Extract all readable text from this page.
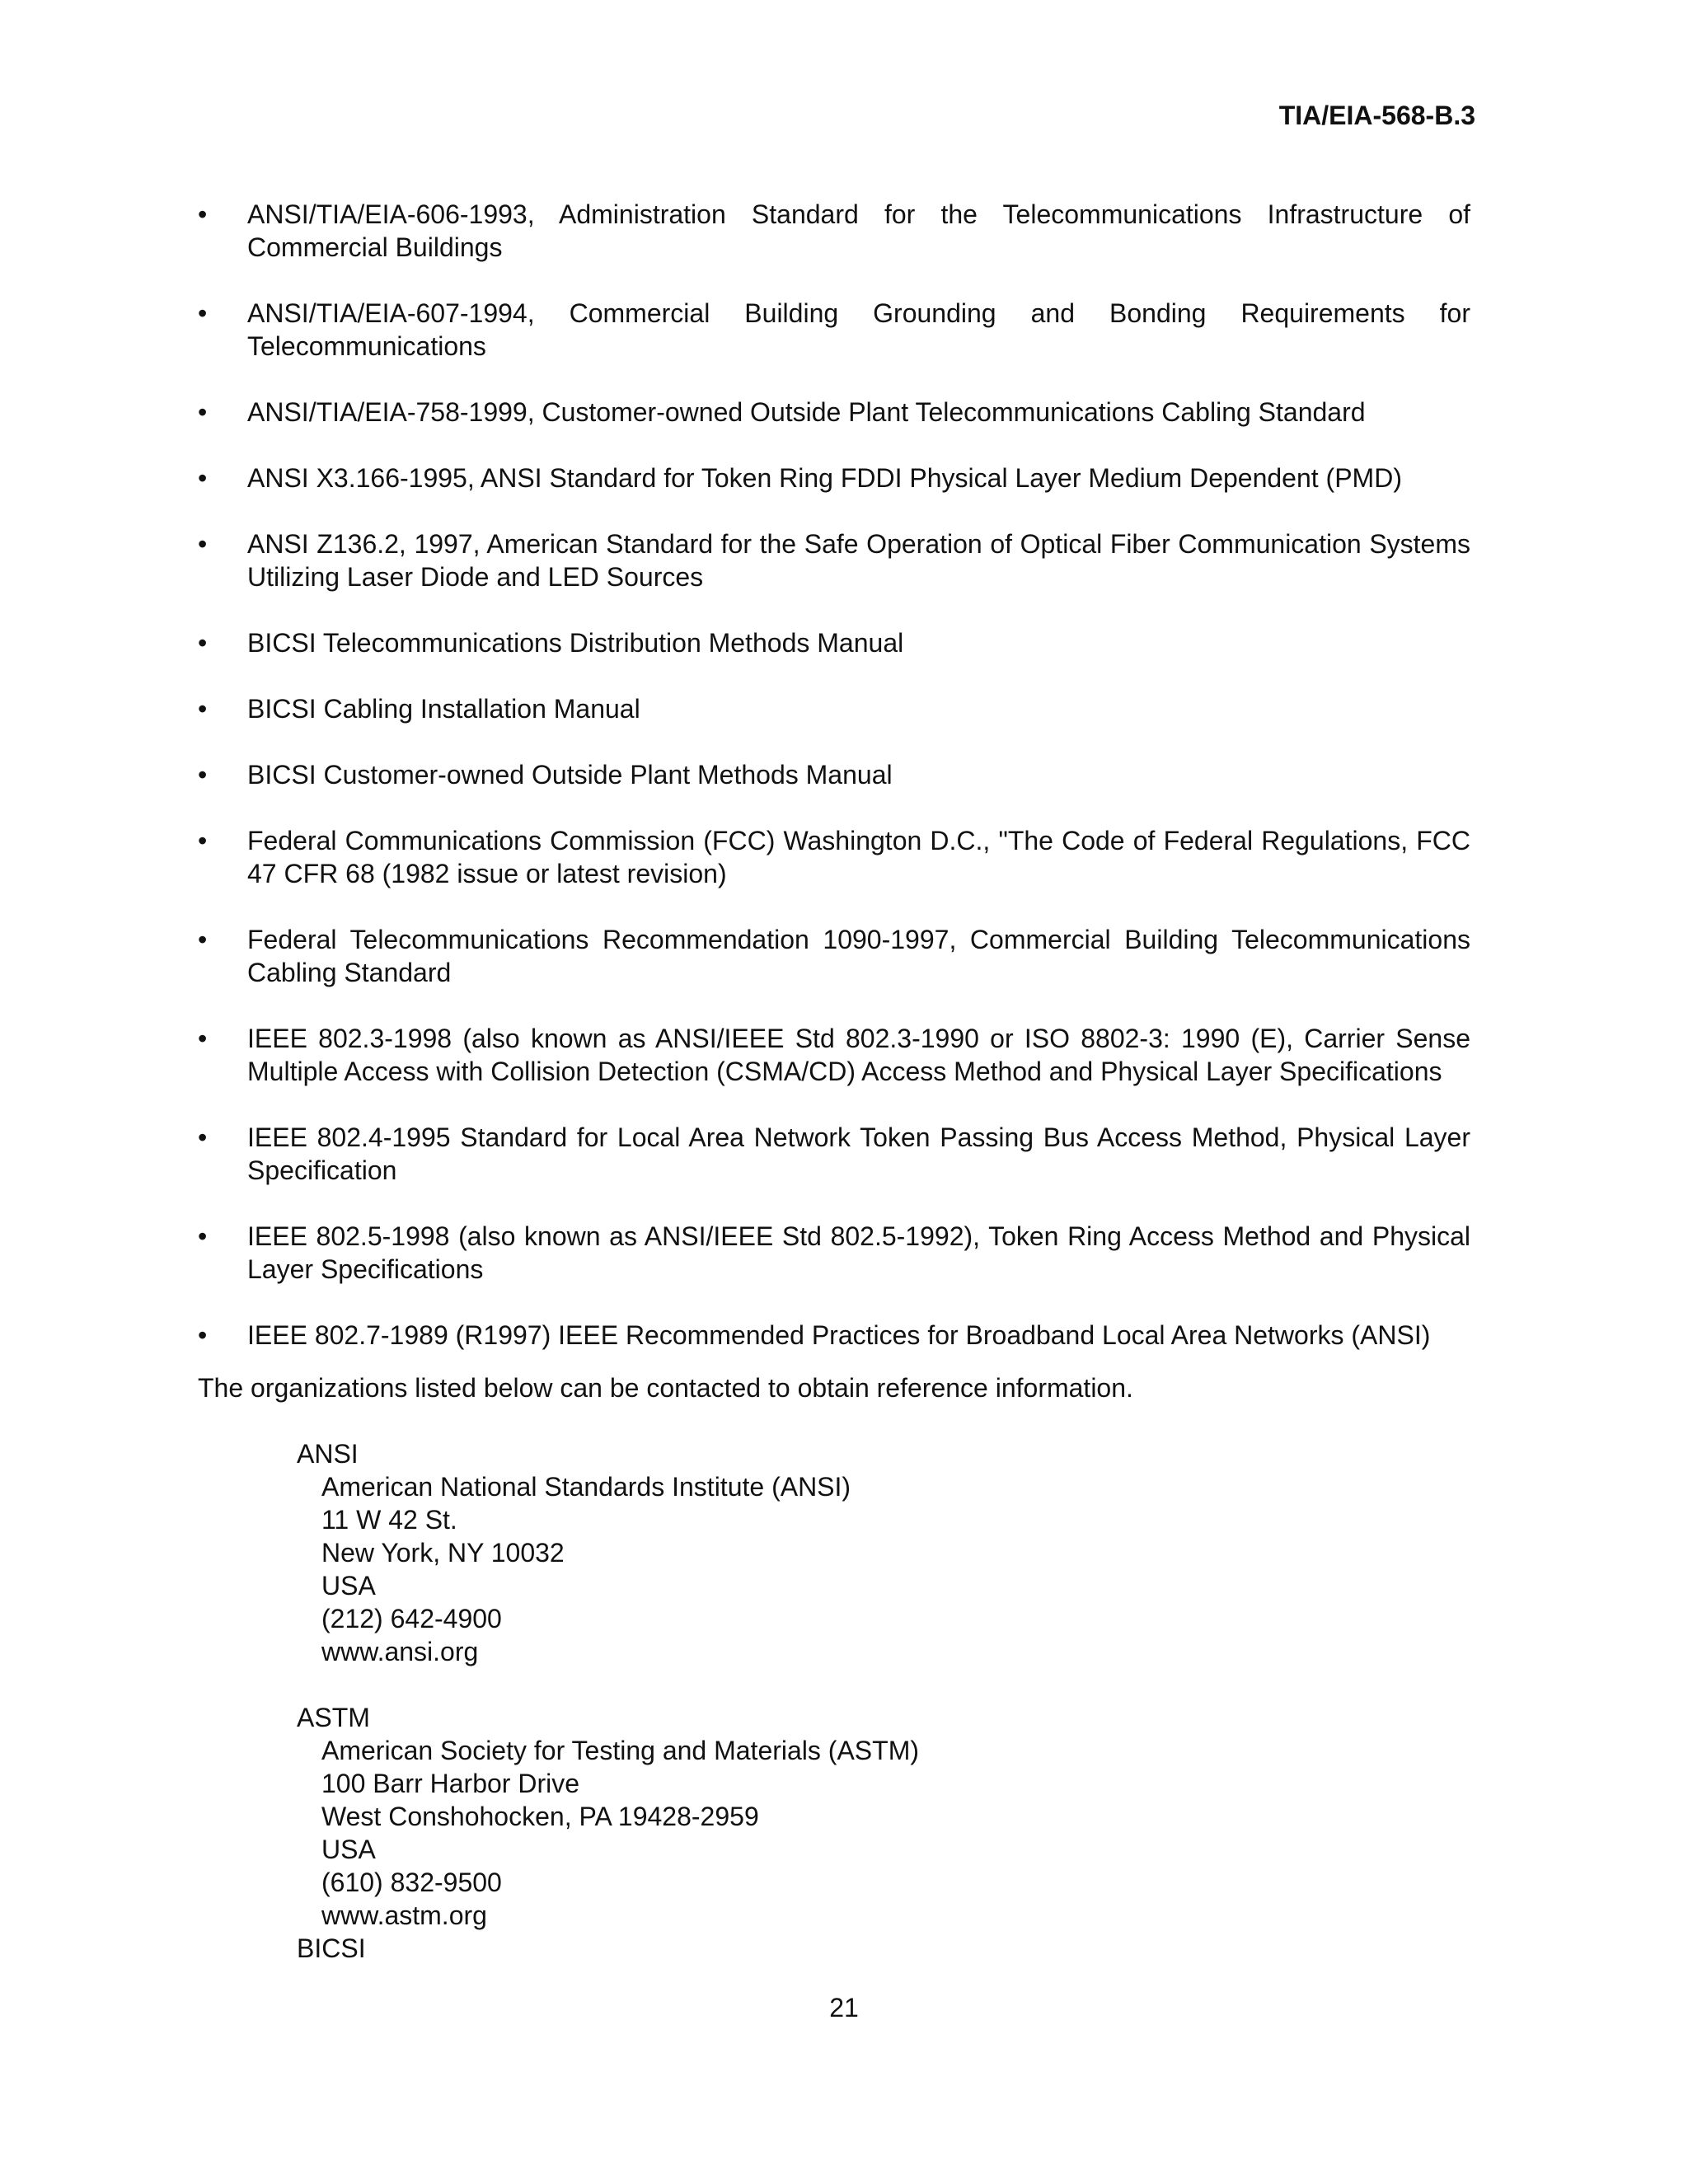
TIA/EIA-568-B.3
•	ANSI/TIA/EIA-606-1993, Administration Standard for the Telecommunications Infrastructure of Commercial Buildings
•	ANSI/TIA/EIA-607-1994, Commercial Building Grounding and Bonding Requirements for Telecommunications
•	ANSI/TIA/EIA-758-1999, Customer-owned Outside Plant Telecommunications Cabling Standard
•	ANSI X3.166-1995, ANSI Standard for Token Ring FDDI Physical Layer Medium Dependent (PMD)
•	ANSI Z136.2, 1997, American Standard for the Safe Operation of Optical Fiber Communication Systems Utilizing Laser Diode and LED Sources
•	BICSI Telecommunications Distribution Methods Manual
•	BICSI Cabling Installation Manual
•	BICSI Customer-owned Outside Plant Methods Manual
•	Federal Communications Commission (FCC) Washington D.C., "The Code of Federal Regulations, FCC 47 CFR 68 (1982 issue or latest revision)
•	Federal Telecommunications Recommendation 1090-1997, Commercial Building Telecommunications Cabling Standard
•	IEEE 802.3-1998 (also known as ANSI/IEEE Std 802.3-1990 or ISO 8802-3: 1990 (E), Carrier Sense Multiple Access with Collision Detection (CSMA/CD) Access Method and Physical Layer Specifications
•	IEEE 802.4-1995 Standard for Local Area Network Token Passing Bus Access Method, Physical Layer Specification
•	IEEE 802.5-1998 (also known as ANSI/IEEE Std 802.5-1992), Token Ring Access Method and Physical Layer Specifications
•	IEEE 802.7-1989 (R1997) IEEE Recommended Practices for Broadband Local Area Networks (ANSI)
The organizations listed below can be contacted to obtain reference information.
ANSI
American National Standards Institute (ANSI)
11 W 42 St.
New York, NY 10032
USA
(212) 642-4900
www.ansi.org
ASTM
American Society for Testing and Materials (ASTM)
100 Barr Harbor Drive
West Conshohocken, PA 19428-2959
USA
(610) 832-9500
www.astm.org
BICSI
21
